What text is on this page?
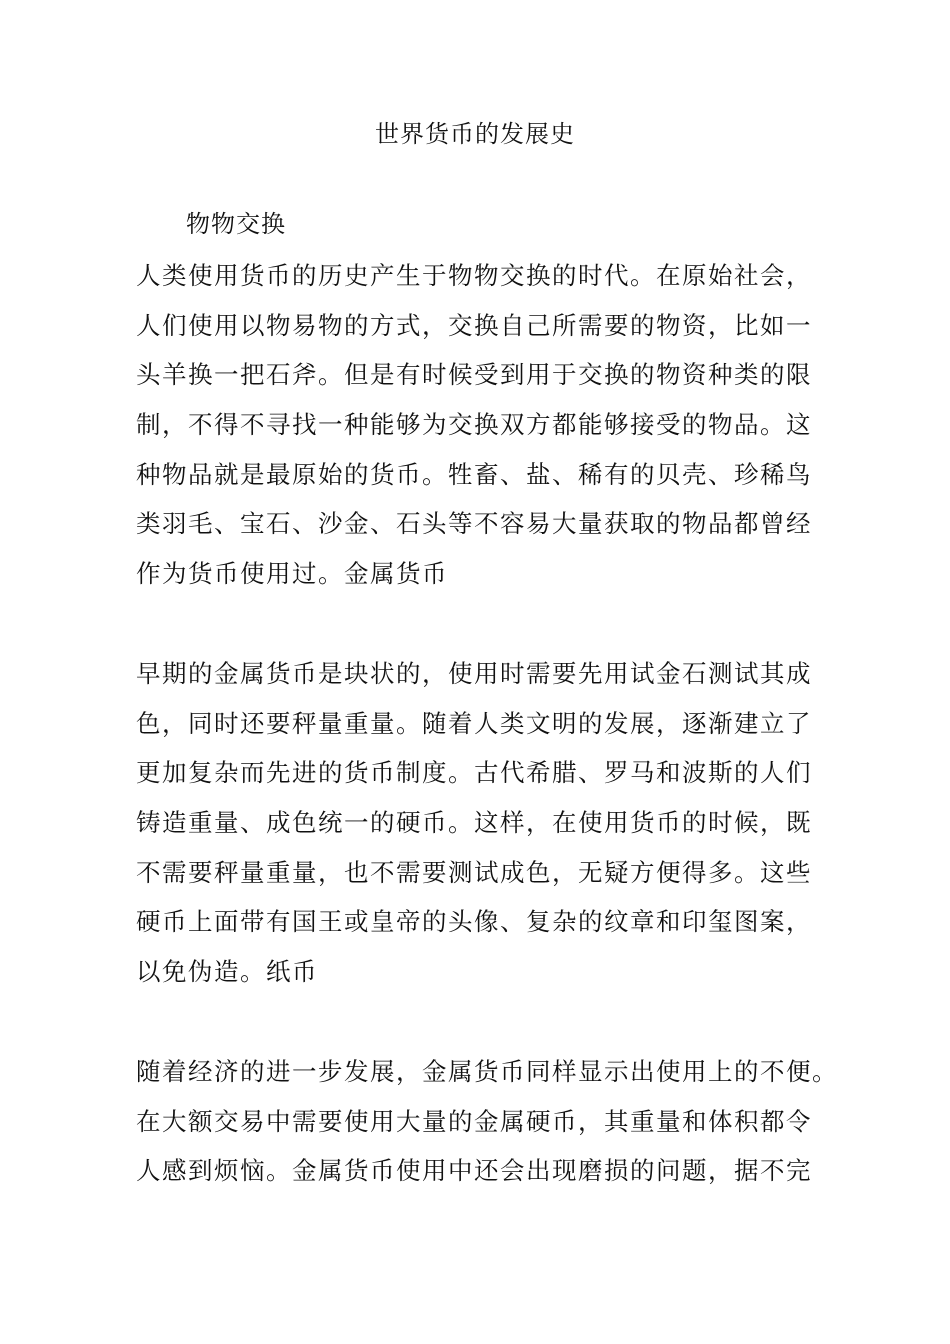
世界货币的发展史
物物交换
人类使用货币的历史产生于物物交换的时代。在原始社会，
人们使用以物易物的方式，交换自己所需要的物资，比如一
头羊换一把石斧。但是有时候受到用于交换的物资种类的限
制，不得不寻找一种能够为交换双方都能够接受的物品。这
种物品就是最原始的货币。牲畜、盐、稀有的贝壳、珍稀鸟
类羽毛、宝石、沙金、石头等不容易大量获取的物品都曾经
作为货币使用过。金属货币
早期的金属货币是块状的，使用时需要先用试金石测试其成
色，同时还要秤量重量。随着人类文明的发展，逐渐建立了
更加复杂而先进的货币制度。古代希腊、罗马和波斯的人们
铸造重量、成色统一的硬币。这样，在使用货币的时候，既
不需要秤量重量，也不需要测试成色，无疑方便得多。这些
硬币上面带有国王或皇帝的头像、复杂的纹章和印玺图案，
以免伪造。纸币
随着经济的进一步发展，金属货币同样显示出使用上的不便。
在大额交易中需要使用大量的金属硬币，其重量和体积都令
人感到烦恼。金属货币使用中还会出现磨损的问题，据不完
